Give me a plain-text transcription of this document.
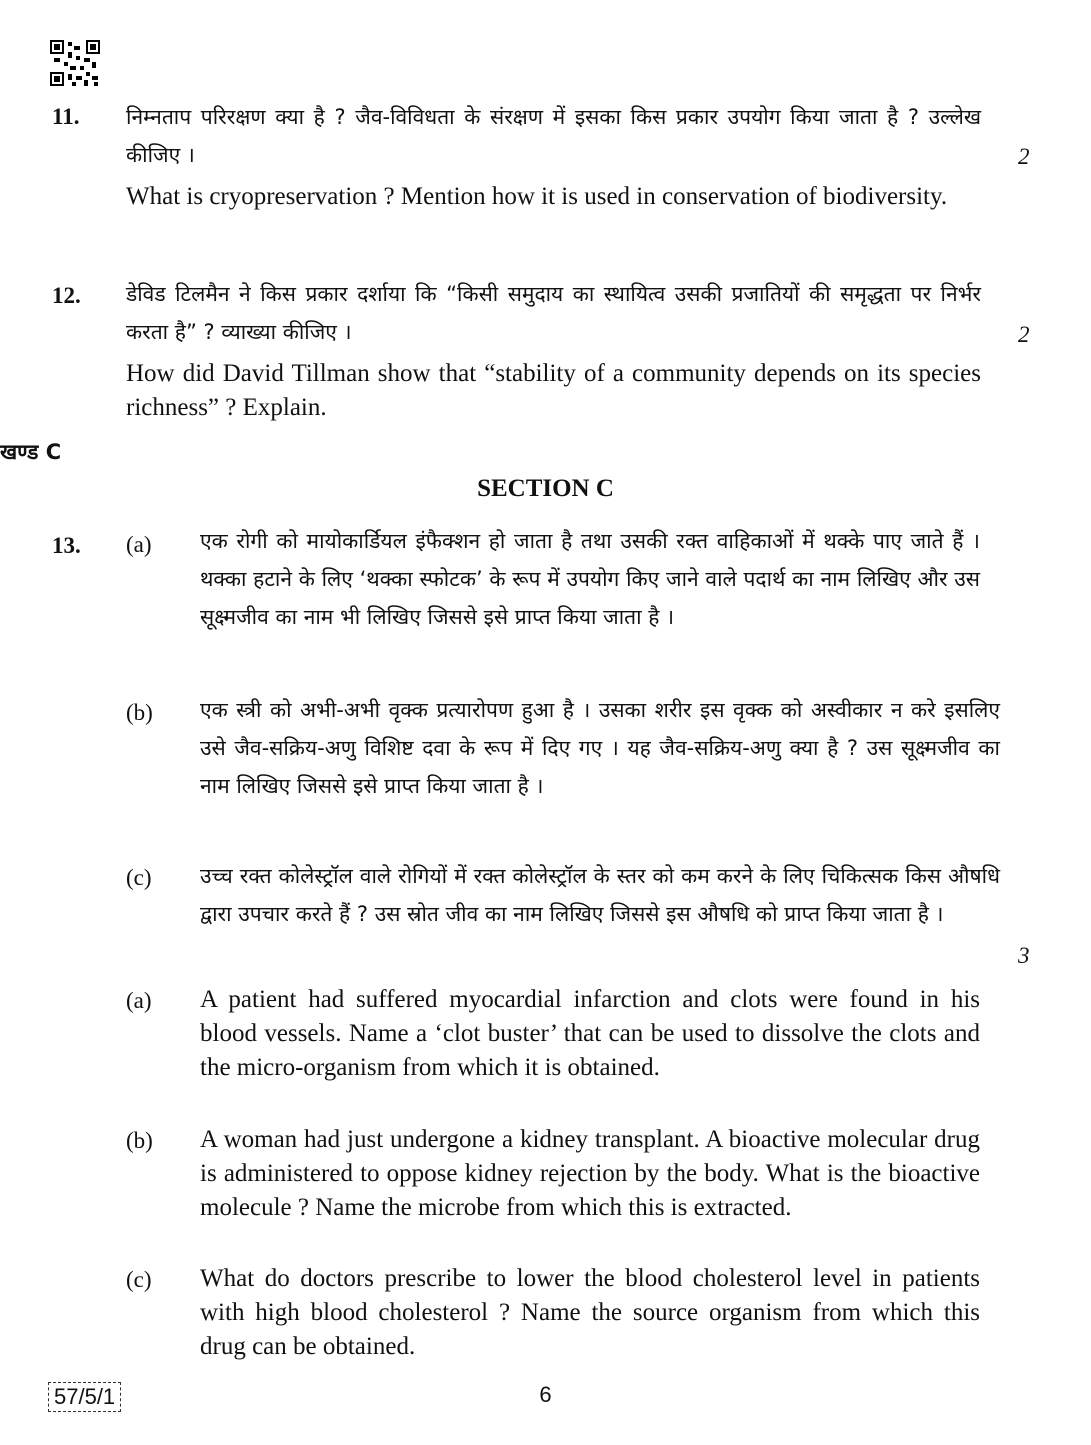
11. निम्नताप परिरक्षण क्या है ? जैव-विविधता के संरक्षण में इसका किस प्रकार उपयोग किया जाता है ? उल्लेख कीजिए ।	2
What is cryopreservation ? Mention how it is used in conservation of biodiversity.
12. डेविड टिलमैन ने किस प्रकार दर्शाया कि “किसी समुदाय का स्थायित्व उसकी प्रजातियों की समृद्धता पर निर्भर करता है” ? व्याख्या कीजिए ।	2
How did David Tillman show that “stability of a community depends on its species richness” ? Explain.
खण्ड C
SECTION C
13. (a) एक रोगी को मायोकार्डियल इंफैक्शन हो जाता है तथा उसकी रक्त वाहिकाओं में थक्के पाए जाते हैं । थक्का हटाने के लिए ‘थक्का स्फोटक’ के रूप में उपयोग किए जाने वाले पदार्थ का नाम लिखिए और उस सूक्ष्मजीव का नाम भी लिखिए जिससे इसे प्राप्त किया जाता है ।
(b) एक स्त्री को अभी-अभी वृक्क प्रत्यारोपण हुआ है । उसका शरीर इस वृक्क को अस्वीकार न करे इसलिए उसे जैव-सक्रिय-अणु विशिष्ट दवा के रूप में दिए गए । यह जैव-सक्रिय-अणु क्या है ? उस सूक्ष्मजीव का नाम लिखिए जिससे इसे प्राप्त किया जाता है ।
(c) उच्च रक्त कोलेस्ट्रॉल वाले रोगियों में रक्त कोलेस्ट्रॉल के स्तर को कम करने के लिए चिकित्सक किस औषधि द्वारा उपचार करते हैं ? उस स्रोत जीव का नाम लिखिए जिससे इस औषधि को प्राप्त किया जाता है ।
3
(a) A patient had suffered myocardial infarction and clots were found in his blood vessels. Name a ‘clot buster’ that can be used to dissolve the clots and the micro-organism from which it is obtained.
(b) A woman had just undergone a kidney transplant. A bioactive molecular drug is administered to oppose kidney rejection by the body. What is the bioactive molecule ? Name the microbe from which this is extracted.
(c) What do doctors prescribe to lower the blood cholesterol level in patients with high blood cholesterol ? Name the source organism from which this drug can be obtained.
57/5/1	6
